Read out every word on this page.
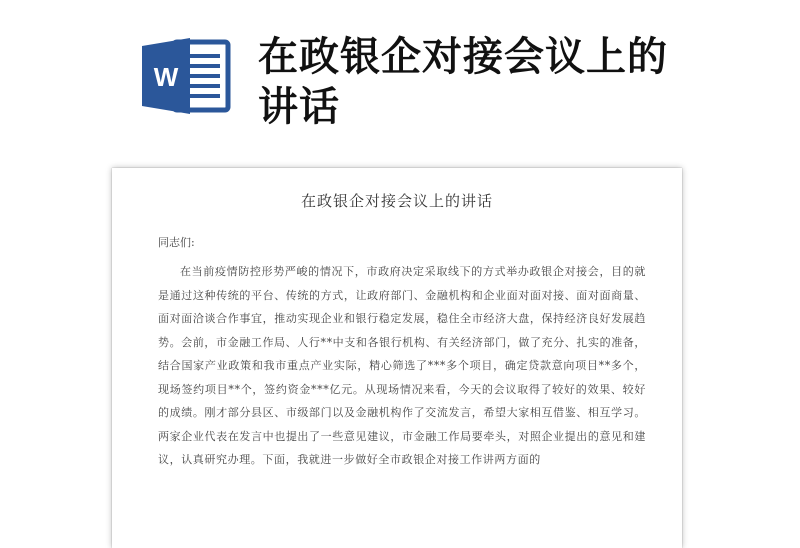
W 在政银企对接会议上的讲话
在政银企对接会议上的讲话
同志们:

在当前疫情防控形势严峻的情况下，市政府决定采取线下的方式举办政银企对接会，目的就是通过这种传统的平台、传统的方式，让政府部门、金融机构和企业面对面对接、面对面商量、面对面洽谈合作事宜，推动实现企业和银行稳定发展，稳住全市经济大盘，保持经济良好发展趋势。会前，市金融工作局、人行**中支和各银行机构、有关经济部门，做了充分、扎实的准备，结合国家产业政策和我市重点产业实际，精心筛选了***多个项目，确定贷款意向项目**多个，现场签约项目**个，签约资金***亿元。从现场情况来看，今天的会议取得了较好的效果、较好的成绩。刚才部分县区、市级部门以及金融机构作了交流发言，希望大家相互借鉴、相互学习。两家企业代表在发言中也提出了一些意见建议，市金融工作局要牵头，对照企业提出的意见和建议，认真研究办理。下面，我就进一步做好全市政银企对接工作讲两方面的
